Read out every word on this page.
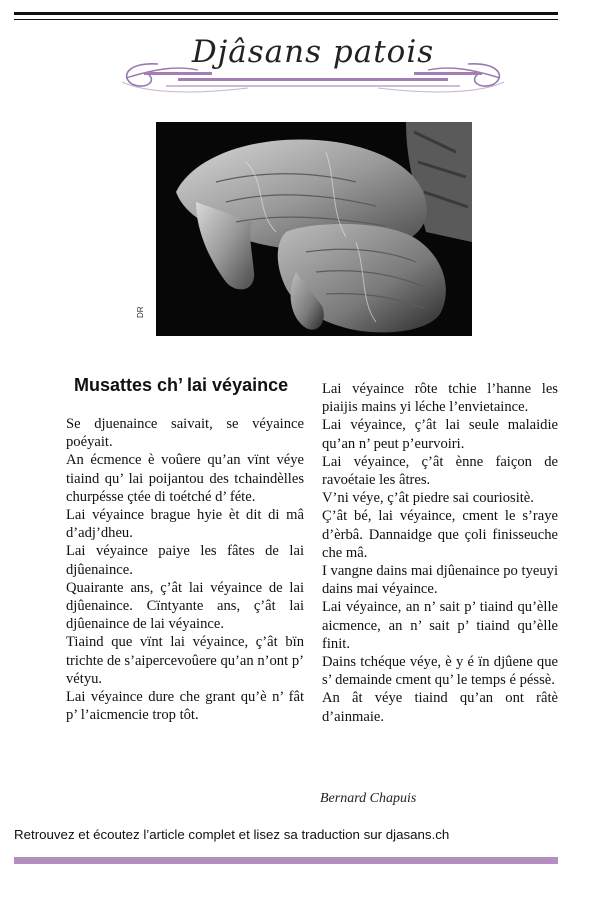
Djâsans patois
DR
Musattes ch’ lai véyaince

Se djuenaince saivait, se véyaince poéyait.

An écmence è voûere qu’an vïnt véye tiaind qu’ lai poijantou des tchaindèlles churpésse çtée di toétché d’ féte.

Lai véyaince brague hyie èt dit di mâ d’adj’dheu.

Lai véyaince paiye les fâtes de lai djûenaince.

Quairante ans, ç’ât lai véyaince de lai djûenaince. Cïntyante ans, ç’ât lai djûenaince de lai véyaince.

Tiaind que vïnt lai véyaince, ç’ât bïn trichte de s’aipercevoûere qu’an n’ont p’ vétyu.

Lai véyaince dure che grant qu’è n’ fât p’ l’aicmencie trop tôt.

Lai véyaince rôte tchie l’hanne les piaijis mains yi léche l’envietaince.

Lai véyaince, ç’ât lai seule malaidie qu’an n’ peut p’eurvoiri.

Lai véyaince, ç’ât ènne faiçon de ravoétaie les âtres.

V’ni véye, ç’ât piedre sai couriositè.

Ç’ât bé, lai véyaince, cment le s’raye d’èrbâ. Dannaidge que çoli finisseuche che mâ.

I vangne dains mai djûenaince po tyeuyi dains mai véyaince.

Lai véyaince, an n’ sait p’ tiaind qu’èlle aicmence, an n’ sait p’ tiaind qu’èlle finit.

Dains tchéque véye, è y é ïn djûene que s’ demainde cment qu’ le temps é péssè.

An ât véye tiaind qu’an ont râtè d’ainmaie.

Bernard Chapuis
Retrouvez et écoutez l’article complet et lisez sa traduction sur djasans.ch
